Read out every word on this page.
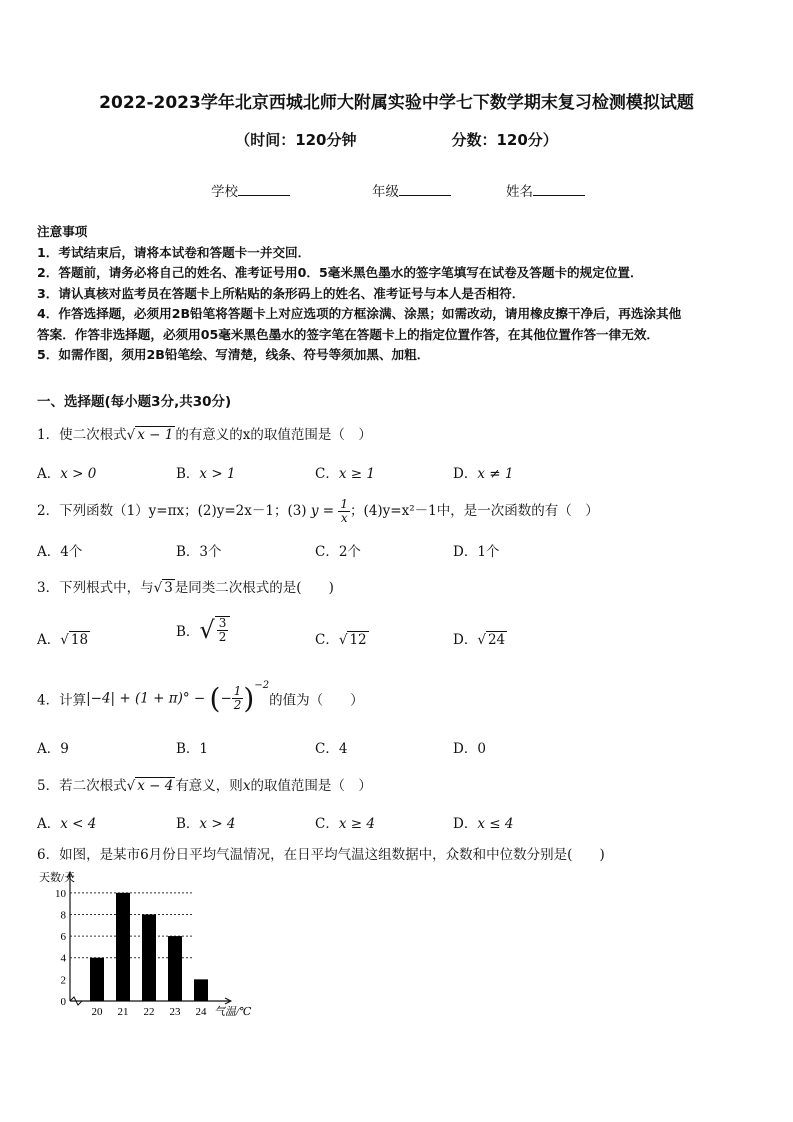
2022-2023学年北京西城北师大附属实验中学七下数学期末复习检测模拟试题
（时间：120分钟	分数：120分）
学校	年级	姓名
注意事项
1．考试结束后，请将本试卷和答题卡一并交回．
2．答题前，请务必将自己的姓名、准考证号用0．5毫米黑色墨水的签字笔填写在试卷及答题卡的规定位置．
3．请认真核对监考员在答题卡上所粘贴的条形码上的姓名、准考证号与本人是否相符．
4．作答选择题，必须用2B铅笔将答题卡上对应选项的方框涂满、涂黑；如需改动，请用橡皮擦干净后，再选涂其他
答案．作答非选择题，必须用05毫米黑色墨水的签字笔在答题卡上的指定位置作答，在其他位置作答一律无效．
5．如需作图，须用2B铅笔绘、写清楚，线条、符号等须加黑、加粗．
一、选择题(每小题3分,共30分)
1．使二次根式√ x − 1 的有意义的x的取值范围是（　）
A．x > 0	B．x > 1	C．x ≥ 1	D．x ≠ 1
2．下列函数（1）y=πx；(2)y=2x－1；(3) $y = \frac{1}{x}$ ；(4)y=x²－1中，是一次函数的有（　）
A．4个	B．3个	C．2个	D．1个
3．下列根式中，与√ 3 是同类二次根式的是(　　)
A．√ 18	B．√ $\frac{3}{2}$	C．√ 12	D．√ 24
4．计算|−4| + (1 + π)° − (− $\frac{1}{2} )^{-2}$的值为（　　）
A．9	B．1	C．4	D．0
5．若二次根式√ x − 4 有意义，则x的取值范围是（　）
A．x < 4	B．x > 4	C．x ≥ 4	D．x ≤ 4
6．如图，是某市6月份日平均气温情况，在日平均气温这组数据中，众数和中位数分别是(　　)
0
2
4
6
8
10
20 21 22 23 24
天数/天
气温/℃
